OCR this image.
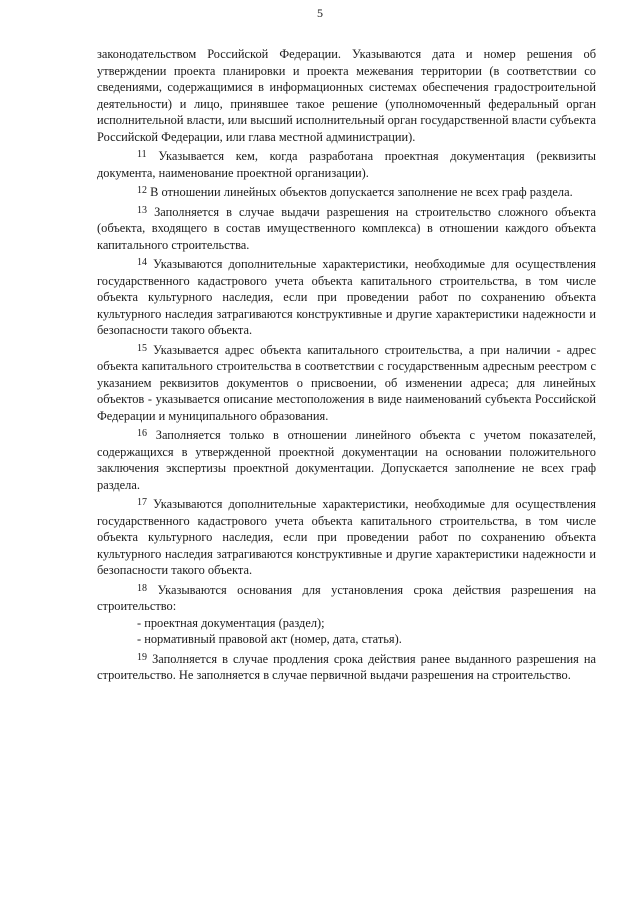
5

законодательством Российской Федерации. Указываются дата и номер решения об утверждении проекта планировки и проекта межевания территории (в соответствии со сведениями, содержащимися в информационных системах обеспечения градостроительной деятельности) и лицо, принявшее такое решение (уполномоченный федеральный орган исполнительной власти, или высший исполнительный орган государственной власти субъекта Российской Федерации, или глава местной администрации).

$^{11}$ Указывается кем, когда разработана проектная документация (реквизиты документа, наименование проектной организации).

$^{12}$ В отношении линейных объектов допускается заполнение не всех граф раздела.

$^{13}$ Заполняется в случае выдачи разрешения на строительство сложного объекта (объекта, входящего в состав имущественного комплекса) в отношении каждого объекта капитального строительства.

$^{14}$ Указываются дополнительные характеристики, необходимые для осуществления государственного кадастрового учета объекта капитального строительства, в том числе объекта культурного наследия, если при проведении работ по сохранению объекта культурного наследия затрагиваются конструктивные и другие характеристики надежности и безопасности такого объекта.

$^{15}$ Указывается адрес объекта капитального строительства, а при наличии - адрес объекта капитального строительства в соответствии с государственным адресным реестром с указанием реквизитов документов о присвоении, об изменении адреса; для линейных объектов - указывается описание местоположения в виде наименований субъекта Российской Федерации и муниципального образования.

$^{16}$ Заполняется только в отношении линейного объекта с учетом показателей, содержащихся в утвержденной проектной документации на основании положительного заключения экспертизы проектной документации. Допускается заполнение не всех граф раздела.

$^{17}$ Указываются дополнительные характеристики, необходимые для осуществления государственного кадастрового учета объекта капитального строительства, в том числе объекта культурного наследия, если при проведении работ по сохранению объекта культурного наследия затрагиваются конструктивные и другие характеристики надежности и безопасности такого объекта.

$^{18}$ Указываются основания для установления срока действия разрешения на строительство:

- проектная документация (раздел);

- нормативный правовой акт (номер, дата, статья).

$^{19}$ Заполняется в случае продления срока действия ранее выданного разрешения на строительство. Не заполняется в случае первичной выдачи разрешения на строительство.
